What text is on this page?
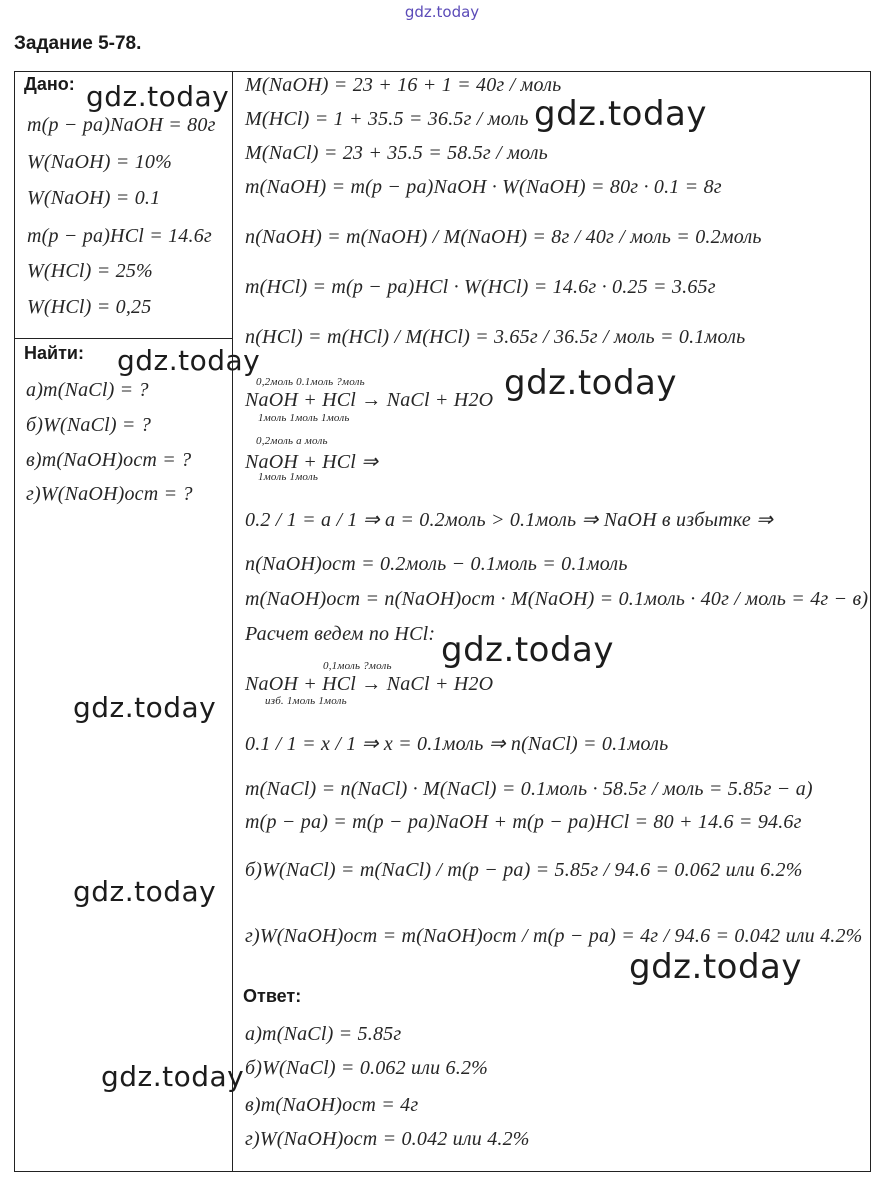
gdz.today
Задание 5-78.
Дано:
m(p − pa)NaOH = 80г
W(NaOH) = 10%
W(NaOH) = 0.1
m(p − pa)HCl = 14.6г
W(HCl) = 25%
W(HCl) = 0,25
Найти:
а)m(NaCl) = ?
б)W(NaCl) = ?
в)m(NaOH)ост = ?
г)W(NaOH)ост = ?
M(NaOH) = 23 + 16 + 1 = 40г / моль
M(HCl) = 1 + 35.5 = 36.5г / моль
M(NaCl) = 23 + 35.5 = 58.5г / моль
m(NaOH) = m(p − pa)NaOH · W(NaOH) = 80г · 0.1 = 8г
n(NaOH) = m(NaOH) / M(NaOH) = 8г / 40г / моль = 0.2моль
m(HCl) = m(p − pa)HCl · W(HCl) = 14.6г · 0.25 = 3.65г
n(HCl) = m(HCl) / M(HCl) = 3.65г / 36.5г / моль = 0.1моль
0,2моль 0.1моль ?моль
NaOH + HCl → NaCl + H2O
1моль 1моль 1моль
0,2моль а моль
NaOH + HCl ⇒
1моль 1моль
0.2 / 1 = a / 1 ⇒ a = 0.2моль > 0.1моль ⇒ NaOH в избытке ⇒
n(NaOH)ост = 0.2моль − 0.1моль = 0.1моль
m(NaOH)ост = n(NaOH)ост · M(NaOH) = 0.1моль · 40г / моль = 4г − в)
Расчет ведем по HCl:
0,1моль ?моль
NaOH + HCl → NaCl + H2O
изб. 1моль 1моль
0.1 / 1 = x / 1 ⇒ x = 0.1моль ⇒ n(NaCl) = 0.1моль
m(NaCl) = n(NaCl) · M(NaCl) = 0.1моль · 58.5г / моль = 5.85г − а)
m(p − pa) = m(p − pa)NaOH + m(p − pa)HCl = 80 + 14.6 = 94.6г
б)W(NaCl) = m(NaCl) / m(p − pa) = 5.85г / 94.6 = 0.062 или 6.2%
г)W(NaOH)ост = m(NaOH)ост / m(p − pa) = 4г / 94.6 = 0.042 или 4.2%
Ответ:
а)m(NaCl) = 5.85г
б)W(NaCl) = 0.062 или 6.2%
в)m(NaOH)ост = 4г
г)W(NaOH)ост = 0.042 или 4.2%
gdz.today	gdz.today
gdz.today
gdz.today
gdz.today
gdz.today
gdz.today
gdz.today
gdz.today
